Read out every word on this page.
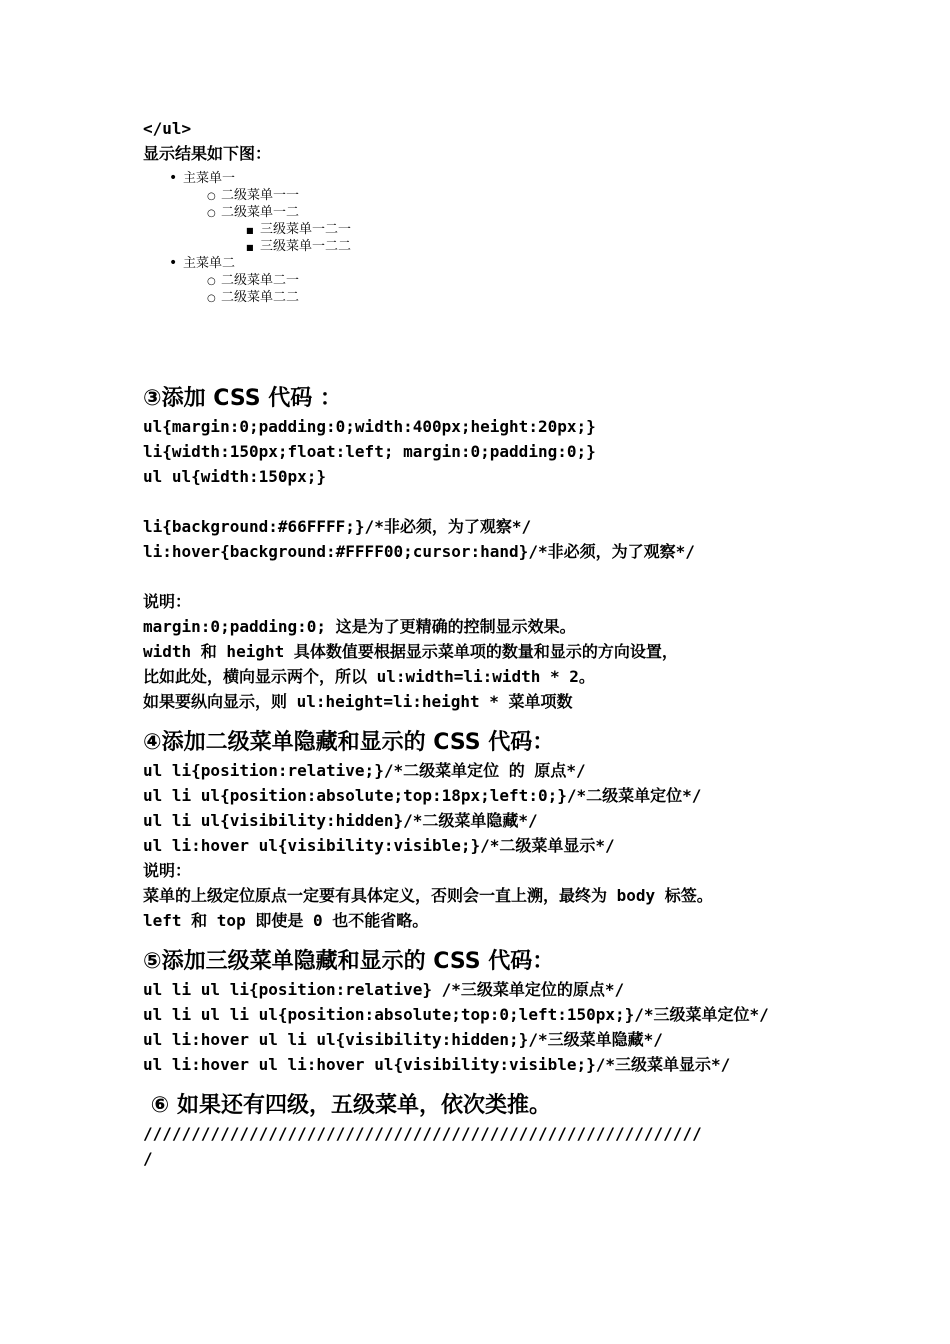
</ul>
显示结果如下图：
•
主菜单一
○
二级菜单一一
○
二级菜单一二
■
三级菜单一二一
■
三级菜单一二二
•
主菜单二
○
二级菜单二一
○
二级菜单二二
③添加 CSS 代码 ：
ul{margin:0;padding:0;width:400px;height:20px;}
li{width:150px;float:left; margin:0;padding:0;}
ul ul{width:150px;}
li{background:#66FFFF;}/*非必须，为了观察*/
li:hover{background:#FFFF00;cursor:hand}/*非必须，为了观察*/
说明：
margin:0;padding:0; 这是为了更精确的控制显示效果。
width 和 height 具体数值要根据显示菜单项的数量和显示的方向设置，
比如此处，横向显示两个，所以 ul:width=li:width * 2。
如果要纵向显示，则 ul:height=li:height * 菜单项数
④添加二级菜单隐藏和显示的 CSS 代码：
ul li{position:relative;}/*二级菜单定位 的 原点*/
ul li ul{position:absolute;top:18px;left:0;}/*二级菜单定位*/
ul li ul{visibility:hidden}/*二级菜单隐藏*/
ul li:hover ul{visibility:visible;}/*二级菜单显示*/
说明：
菜单的上级定位原点一定要有具体定义，否则会一直上溯，最终为 body 标签。
left 和 top 即使是 0 也不能省略。
⑤添加三级菜单隐藏和显示的 CSS 代码：
ul li ul li{position:relative} /*三级菜单定位的原点*/
ul li ul li ul{position:absolute;top:0;left:150px;}/*三级菜单定位*/
ul li:hover ul li ul{visibility:hidden;}/*三级菜单隐藏*/
ul li:hover ul li:hover ul{visibility:visible;}/*三级菜单显示*/
⑥ 如果还有四级，五级菜单，依次类推。
//////////////////////////////////////////////////////////
/
